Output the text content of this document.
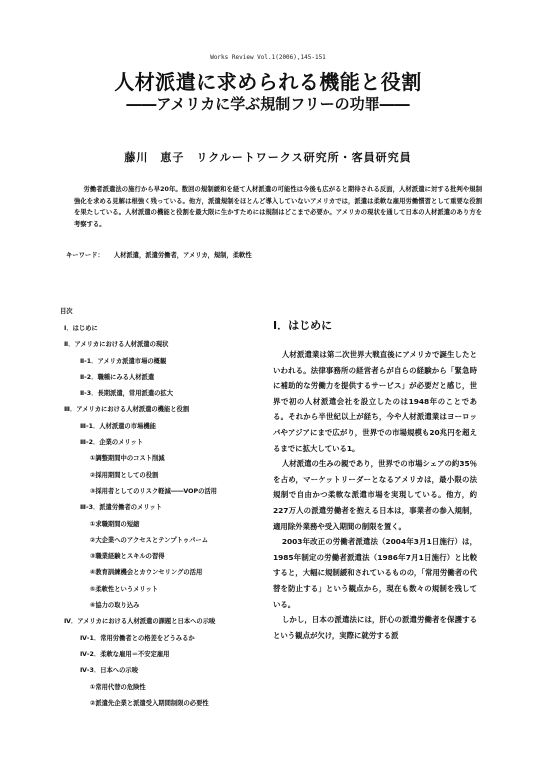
Works Review Vol.1(2006),145-151
人材派遣に求められる機能と役割
――アメリカに学ぶ規制フリーの功罪――
藤川　恵子　リクルートワークス研究所・客員研究員
労働者派遣法の施行から早20年。数回の規制緩和を経て人材派遣の可能性は今後も広がると期待される反面，人材派遣に対する批判や規制強化を求める見解は根強く残っている。他方，派遣規制をほとんど導入していないアメリカでは，派遣は柔軟な雇用労働慣習として重要な役割を果たしている。人材派遣の機能と役割を最大限に生かすためには規制はどこまで必要か。アメリカの現状を通して日本の人材派遣のあり方を考察する。
キーワード： 人材派遣，派遣労働者，アメリカ，規制，柔軟性
目次
Ⅰ．はじめに
Ⅱ．アメリカにおける人材派遣の現状
Ⅱ-1．アメリカ派遣市場の概観
Ⅱ-2．職種にみる人材派遣
Ⅱ-3．長期派遣，常用派遣の拡大
Ⅲ．アメリカにおける人材派遣の機能と役割
Ⅲ-1．人材派遣の市場機能
Ⅲ-2．企業のメリット
①調整期間中のコスト削減
②採用期間としての役割
③採用者としてのリスク軽減――VOPの活用
Ⅲ-3．派遣労働者のメリット
①求職期間の短縮
②大企業へのアクセスとテンプトゥパーム
③職業経験とスキルの習得
④教育訓練機会とカウンセリングの活用
⑤柔軟性というメリット
⑥協力の取り込み
Ⅳ．アメリカにおける人材派遣の課題と日本への示唆
Ⅳ-1．常用労働者との格差をどうみるか
Ⅳ-2．柔軟な雇用＝不安定雇用
Ⅳ-3．日本への示唆
①常用代替の危険性
②派遣先企業と派遣受入期間制限の必要性
Ⅰ．はじめに

人材派遣業は第二次世界大戦直後にアメリカで誕生したといわれる。法律事務所の経営者らが自らの経験から「緊急時に補助的な労働力を提供するサービス」が必要だと感じ，世界で初の人材派遣会社を設立したのは1948年のことである。それから半世紀以上が経ち，今や人材派遣業はヨーロッパやアジアにまで広がり，世界での市場規模も20兆円を超えるまでに拡大している1。

人材派遣の生みの親であり，世界での市場シェアの約35％を占め，マーケットリーダーとなるアメリカは，最小限の法規制で自由かつ柔軟な派遣市場を実現している。他方，約227万人の派遣労働者を抱える日本は，事業者の参入規制，適用除外業務や受入期間の制限を置く。

2003年改正の労働者派遣法（2004年3月1日施行）は，1985年制定の労働者派遣法（1986年7月1日施行）と比較すると，大幅に規制緩和されているものの，「常用労働者の代替を防止する」という観点から，現在も数々の規制を残している。

しかし，日本の派遣法には，肝心の派遣労働者を保護するという観点が欠け，実際に就労する派
